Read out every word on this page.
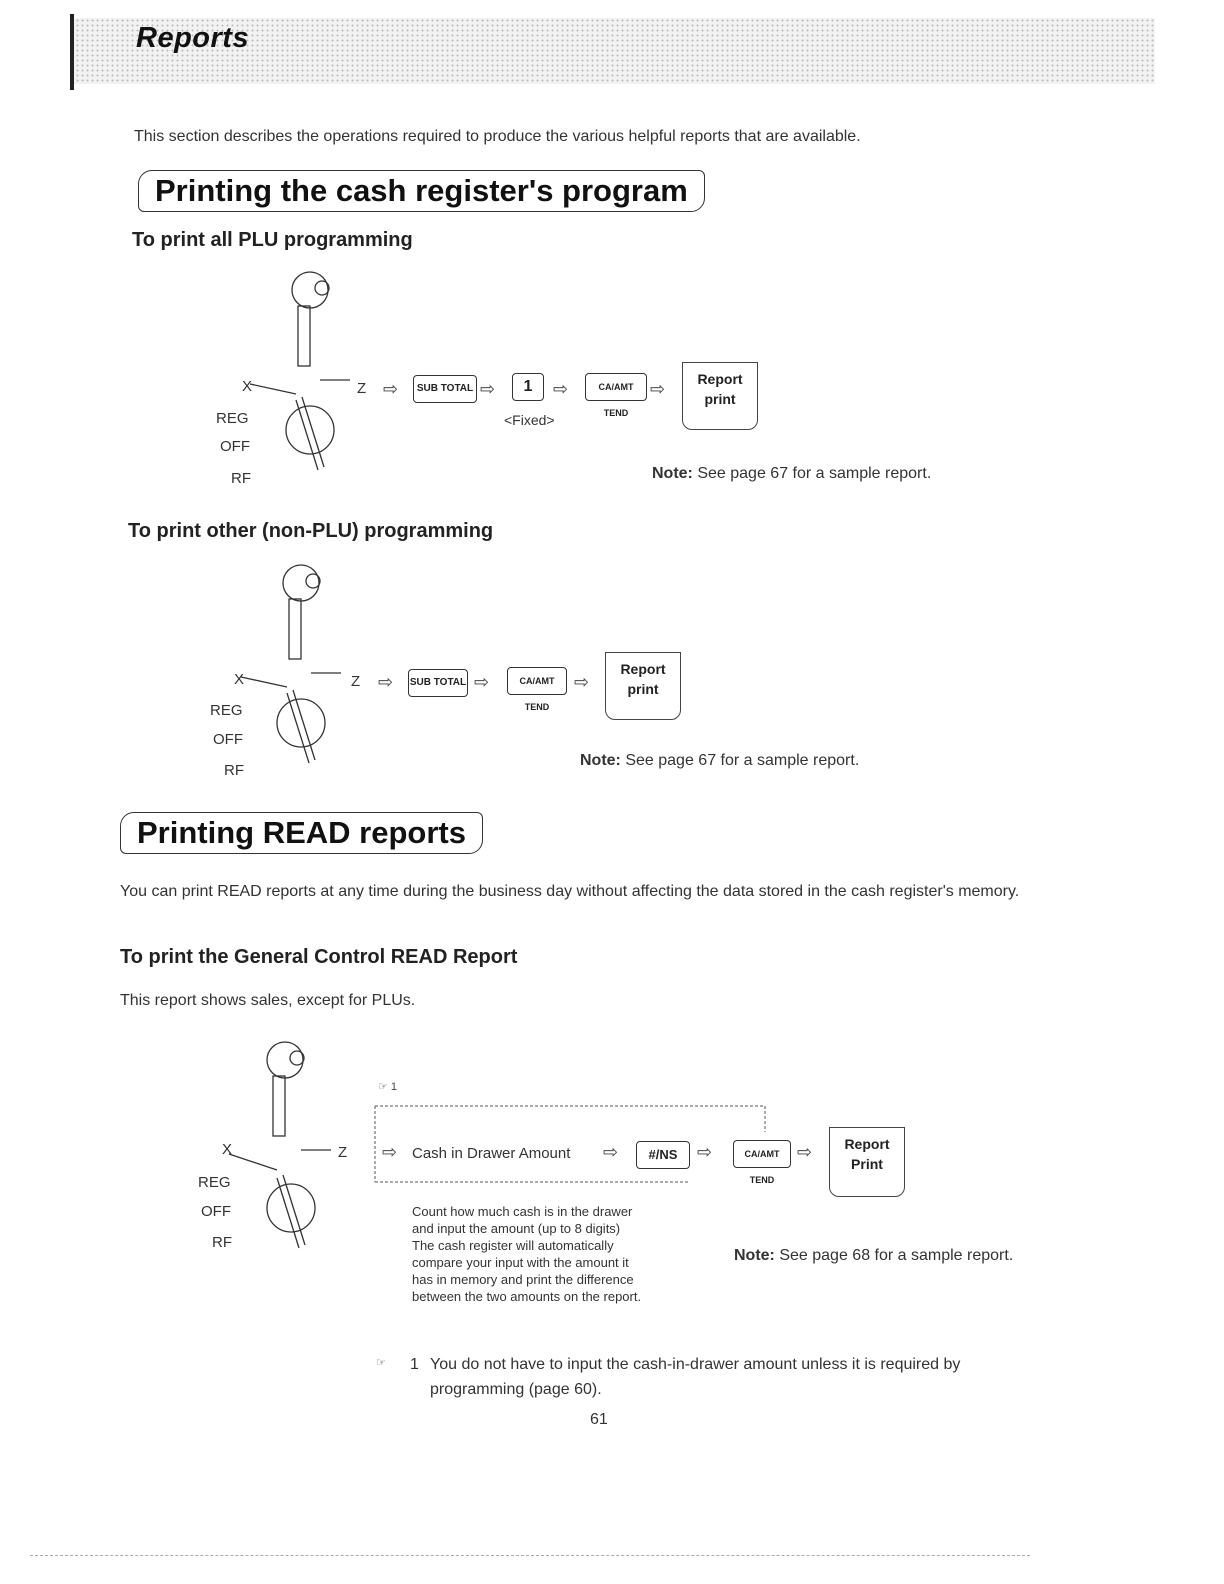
Reports
This section describes the operations required to produce the various helpful reports that are available.
Printing the cash register's program
To print all PLU programming
X
REG
OFF
RF
Z ⇨	SUB TOTAL ⇨	1	⇨	CA/AMT TEND
⇨	Report
print
<Fixed>
Note: See page 67 for a sample report.
To print other (non-PLU) programming
X
REG
OFF
RF
Z ⇨ SUB TOTAL ⇨	CA/AMT TEND
⇨
Report
print
Note: See page 67 for a sample report.
Printing READ reports
You can print READ reports at any time during the business day without affecting the data stored in the cash register's memory.
To print the General Control READ Report
This report shows sales, except for PLUs.
X
REG
OFF
RF
Z
☞ 1
⇨ Cash in Drawer Amount ⇨	#/NS	⇨	CA/AMT TEND
⇨	Report
Print
Count how much cash is in the drawer
and input the amount (up to 8 digits)
The cash register will automatically
compare your input with the amount it
has in memory and print the difference
between the two amounts on the report.
Note: See page 68 for a sample report.
☞ 1 You do not have to input the cash-in-drawer amount unless it is required by
programming (page 60).
61
